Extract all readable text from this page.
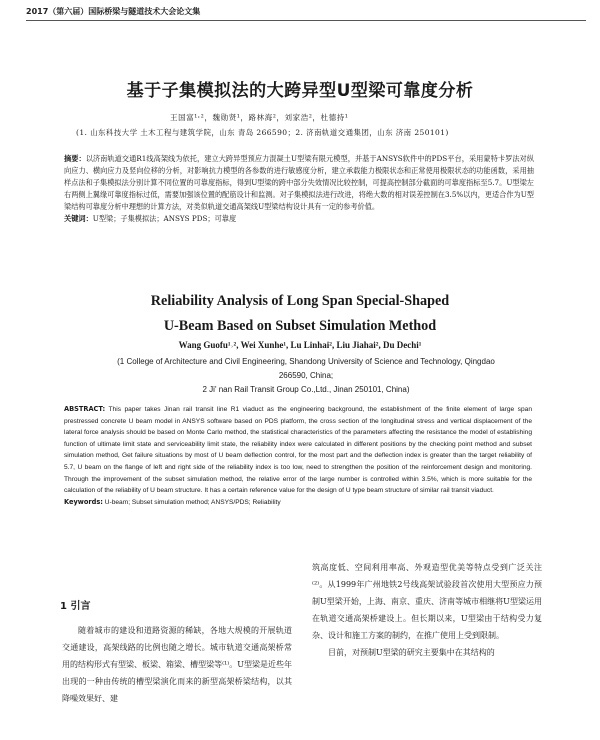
2017（第六届）国际桥梁与隧道技术大会论文集
基于子集模拟法的大跨异型U型梁可靠度分析
王国富¹˒²，魏勋贤¹，路林海²，刘家浩²，杜德持¹
(1. 山东科技大学 土木工程与建筑学院，山东 青岛 266590；2. 济南轨道交通集团，山东 济南 250101)
摘要：以济南轨道交通R1线高架线为依托，建立大跨异型预应力混凝土U型梁有限元模型，并基于ANSYS软件中的PDS平台，采用蒙特卡罗法对纵向应力、横向应力及竖向位移的分析，对影响抗力模型的各参数的进行敏感度分析，建立承载能力极限状态和正常使用极限状态的功能函数，采用抽样点法和子集模拟法分别计算不同位置的可靠度指标，得到U型梁的跨中部分失效情况比较控制，可提高控制部分截面的可靠度指标至5.7。U型梁左右两侧上翼缘可靠度指标过低，需要加强该位置的配筋设计和监测。对子集模拟法进行改进，将绝大数的相对误差控制在3.5%以内，更适合作为U型梁结构可靠度分析中理想的计算方法，对类似轨道交通高架线U型梁结构设计具有一定的参考价值。
关键词：U型梁；子集模拟法；ANSYS PDS；可靠度
Reliability Analysis of Long Span Special-Shaped
U-Beam Based on Subset Simulation Method
Wang Guofu¹˒², Wei Xunhe¹, Lu Linhai², Liu Jiahai², Du Dechi¹
(1 College of Architecture and Civil Engineering, Shandong University of Science and Technology, Qingdao
266590, China;
2 Ji' nan Rail Transit Group Co.,Ltd., Jinan 250101, China)
ABSTRACT: This paper takes Jinan rail transit line R1 viaduct as the engineering background, the establishment of the finite element of large span prestressed concrete U beam model in ANSYS software based on PDS platform, the cross section of the longitudinal stress and vertical displacement of the lateral force analysis should be based on Monte Carlo method, the statistical characteristics of the parameters affecting the resistance the model of establishing function of ultimate limit state and serviceability limit state, the reliability index were calculated in different positions by the checking point method and subset simulation method, Get failure situations by most of U beam deflection control, for the most part and the deflection index is greater than the target reliability of 5.7, U beam on the flange of left and right side of the reliability index is too low, need to strengthen the position of the reinforcement design and monitoring. Through the improvement of the subset simulation method, the relative error of the large number is controlled within 3.5%, which is more suitable for the calculation of the reliability of U beam structure. It has a certain reference value for the design of U type beam structure of similar rail transit viaduct.
Keywords: U-beam; Subset simulation method; ANSYS/PDS; Reliability
1 引言

随着城市的建设和道路资源的稀缺，各地大规模的开展轨道交通建设，高架线路的比例也随之增长。城市轨道交通高架桥常用的结构形式有型梁、板梁、箱梁、槽型梁等⁽¹⁾。U型梁是近些年出现的一种由传统的槽型梁演化而来的新型高架桥梁结构，以其降噪效果好、建

筑高度低、空间利用率高、外观造型优美等特点受到广泛关注⁽²⁾。从1999年广州地铁2号线高架试验段首次使用大型预应力预制U型梁开始，上海、南京、重庆、济南等城市相继将U型梁运用在轨道交通高架桥建设上。但长期以来，U型梁由于结构受力复杂、设计和施工方案的制约，在推广使用上受到限制。

目前，对预制U型梁的研究主要集中在其结构的
